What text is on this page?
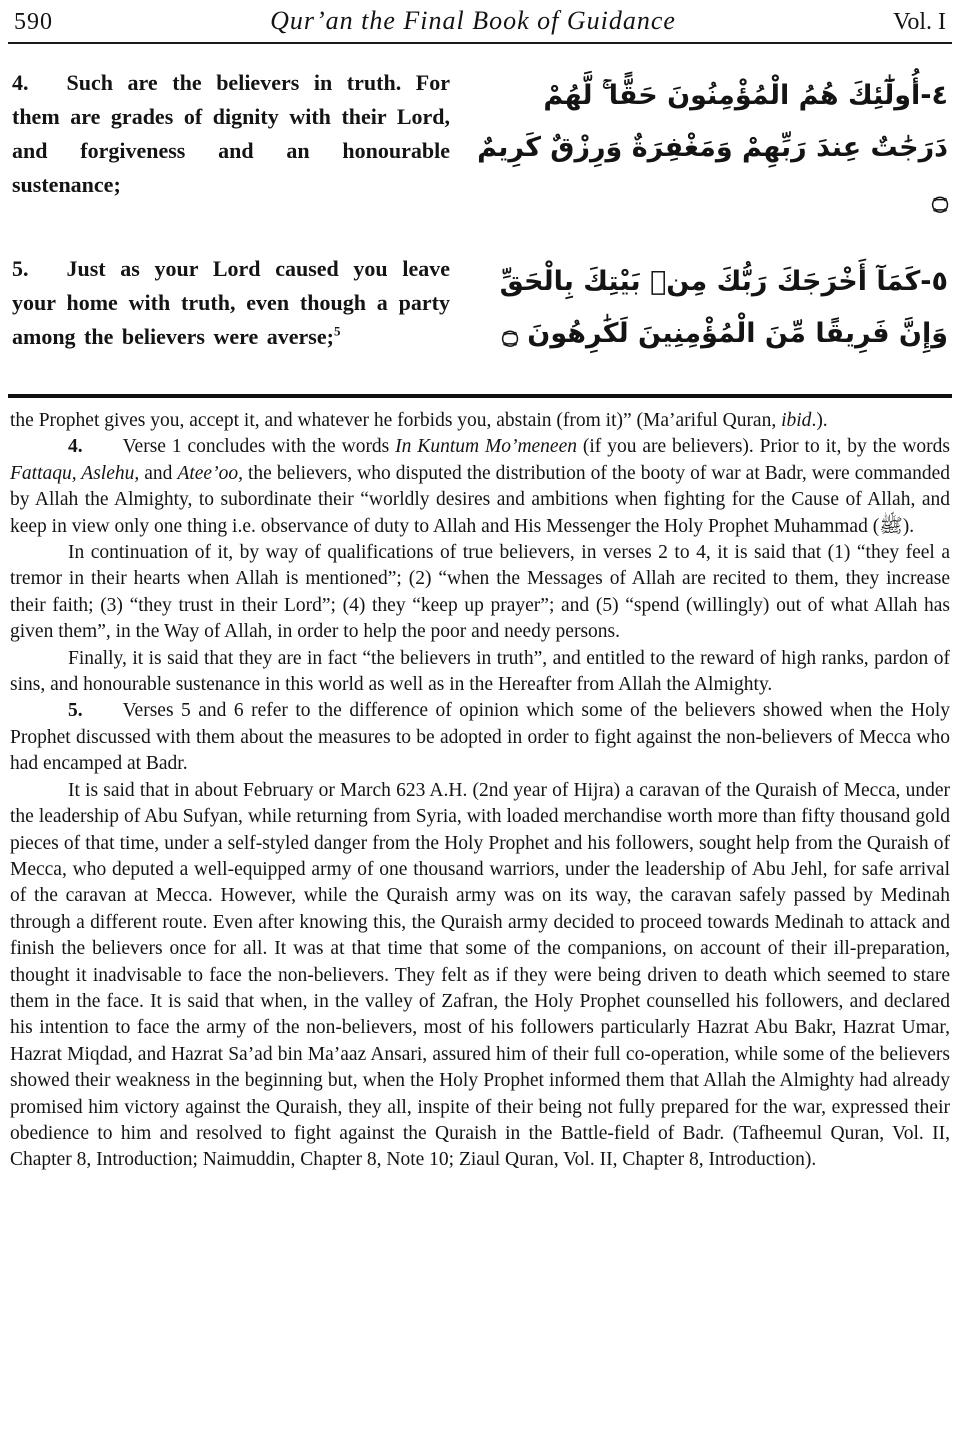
590	Qur’an the Final Book of Guidance	Vol. I

4. Such are the believers in truth. For them are grades of dignity with their Lord, and forgiveness and an honourable sustenance;

٤-أُولَٰٓئِكَ هُمُ الْمُؤْمِنُونَ حَقًّا ۚ لَّهُمْ دَرَجَٰتٌ عِندَ رَبِّهِمْ وَمَغْفِرَةٌ وَرِزْقٌ كَرِيمٌ ۝

5. Just as your Lord caused you leave your home with truth, even though a party among the believers were averse;$^5$

٥-كَمَآ أَخْرَجَكَ رَبُّكَ مِنۢ بَيْتِكَ بِالْحَقِّ وَإِنَّ فَرِيقًا مِّنَ الْمُؤْمِنِينَ لَكَٰرِهُونَ ۝

the Prophet gives you, accept it, and whatever he forbids you, abstain (from it)” (Ma’ariful Quran, ibid.).

4. Verse 1 concludes with the words In Kuntum Mo’meneen (if you are believers). Prior to it, by the words Fattaqu, Aslehu, and Atee’oo, the believers, who disputed the distribution of the booty of war at Badr, were commanded by Allah the Almighty, to subordinate their “worldly desires and ambitions when fighting for the Cause of Allah, and keep in view only one thing i.e. observance of duty to Allah and His Messenger the Holy Prophet Muhammad (ﷺ).

In continuation of it, by way of qualifications of true believers, in verses 2 to 4, it is said that (1) “they feel a tremor in their hearts when Allah is mentioned”; (2) “when the Messages of Allah are recited to them, they increase their faith; (3) “they trust in their Lord”; (4) they “keep up prayer”; and (5) “spend (willingly) out of what Allah has given them”, in the Way of Allah, in order to help the poor and needy persons.

Finally, it is said that they are in fact “the believers in truth”, and entitled to the reward of high ranks, pardon of sins, and honourable sustenance in this world as well as in the Hereafter from Allah the Almighty.

5. Verses 5 and 6 refer to the difference of opinion which some of the believers showed when the Holy Prophet discussed with them about the measures to be adopted in order to fight against the non-believers of Mecca who had encamped at Badr.

It is said that in about February or March 623 A.H. (2nd year of Hijra) a caravan of the Quraish of Mecca, under the leadership of Abu Sufyan, while returning from Syria, with loaded merchandise worth more than fifty thousand gold pieces of that time, under a self-styled danger from the Holy Prophet and his followers, sought help from the Quraish of Mecca, who deputed a well-equipped army of one thousand warriors, under the leadership of Abu Jehl, for safe arrival of the caravan at Mecca. However, while the Quraish army was on its way, the caravan safely passed by Medinah through a different route. Even after knowing this, the Quraish army decided to proceed towards Medinah to attack and finish the believers once for all. It was at that time that some of the companions, on account of their ill-preparation, thought it inadvisable to face the non-believers. They felt as if they were being driven to death which seemed to stare them in the face. It is said that when, in the valley of Zafran, the Holy Prophet counselled his followers, and declared his intention to face the army of the non-believers, most of his followers particularly Hazrat Abu Bakr, Hazrat Umar, Hazrat Miqdad, and Hazrat Sa’ad bin Ma’aaz Ansari, assured him of their full co-operation, while some of the believers showed their weakness in the beginning but, when the Holy Prophet informed them that Allah the Almighty had already promised him victory against the Quraish, they all, inspite of their being not fully prepared for the war, expressed their obedience to him and resolved to fight against the Quraish in the Battle-field of Badr. (Tafheemul Quran, Vol. II, Chapter 8, Introduction; Naimuddin, Chapter 8, Note 10; Ziaul Quran, Vol. II, Chapter 8, Introduction).
